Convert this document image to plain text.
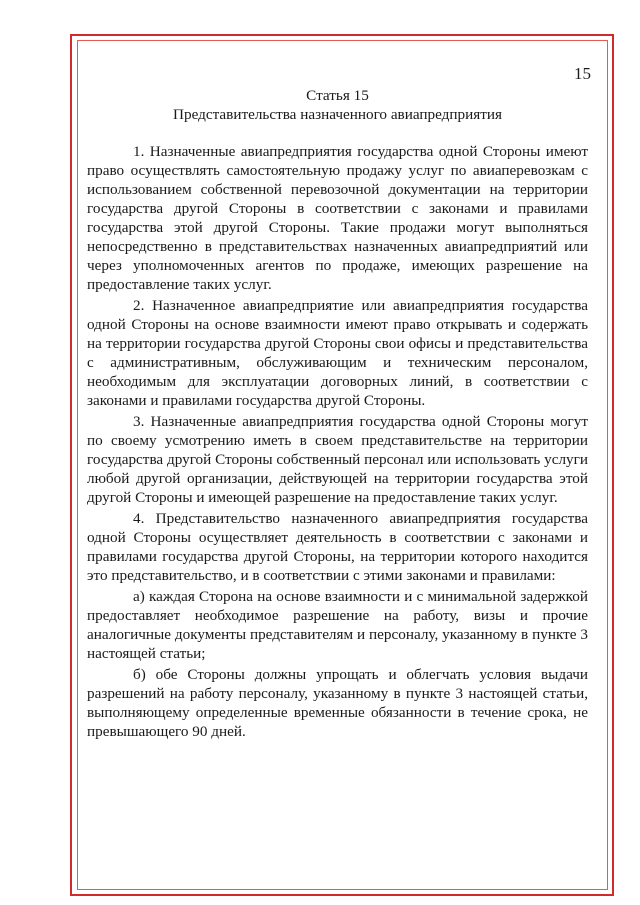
15

Статья 15

Представительства назначенного авиапредприятия

1. Назначенные авиапредприятия государства одной Стороны имеют право осуществлять самостоятельную продажу услуг по авиаперевозкам с использованием собственной перевозочной документации на территории государства другой Стороны в соответствии с законами и правилами государства этой другой Стороны. Такие продажи могут выполняться непосредственно в представительствах назначенных авиапредприятий или через уполномоченных агентов по продаже, имеющих разрешение на предоставление таких услуг.

2. Назначенное авиапредприятие или авиапредприятия государства одной Стороны на основе взаимности имеют право открывать и содержать на территории государства другой Стороны свои офисы и представительства с административным, обслуживающим и техническим персоналом, необходимым для эксплуатации договорных линий, в соответствии с законами и правилами государства другой Стороны.

3. Назначенные авиапредприятия государства одной Стороны могут по своему усмотрению иметь в своем представительстве на территории государства другой Стороны собственный персонал или использовать услуги любой другой организации, действующей на территории государства этой другой Стороны и имеющей разрешение на предоставление таких услуг.

4. Представительство назначенного авиапредприятия государства одной Стороны осуществляет деятельность в соответствии с законами и правилами государства другой Стороны, на территории которого находится это представительство, и в соответствии с этими законами и правилами:

а) каждая Сторона на основе взаимности и с минимальной задержкой предоставляет необходимое разрешение на работу, визы и прочие аналогичные документы представителям и персоналу, указанному в пункте 3 настоящей статьи;

б) обе Стороны должны упрощать и облегчать условия выдачи разрешений на работу персоналу, указанному в пункте 3 настоящей статьи, выполняющему определенные временные обязанности в течение срока, не превышающего 90 дней.
